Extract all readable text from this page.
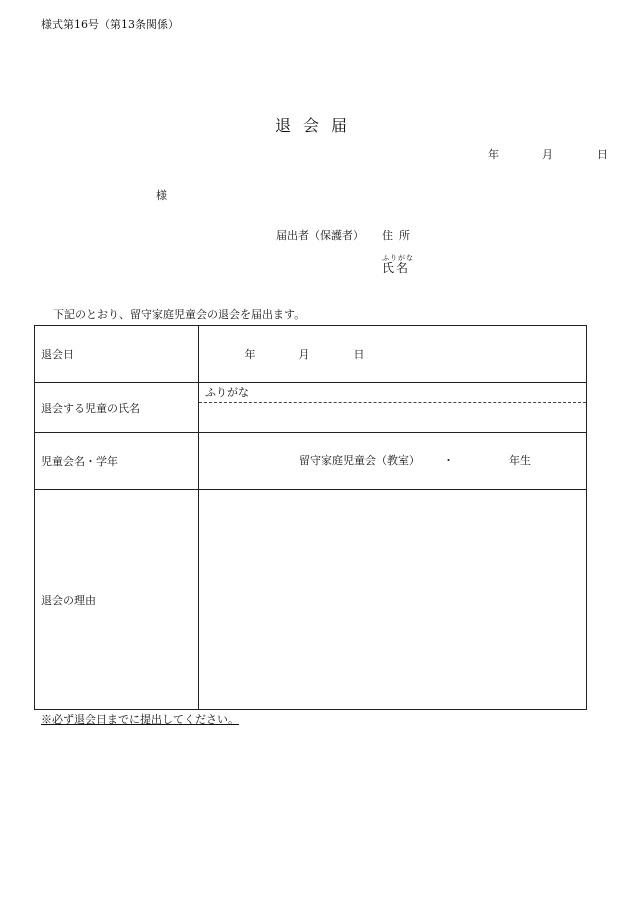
様式第16号（第13条関係）
退会届
年	月	日
様
届出者（保護者） 住所
ふりがな
氏名
下記のとおり、留守家庭児童会の退会を届出ます。
退会日	年 月 日
退会する児童の氏名	ふりがな

児童会名・学年	留守家庭児童会（教室） ・ 年生

退会の理由	
※必ず退会日までに提出してください。
